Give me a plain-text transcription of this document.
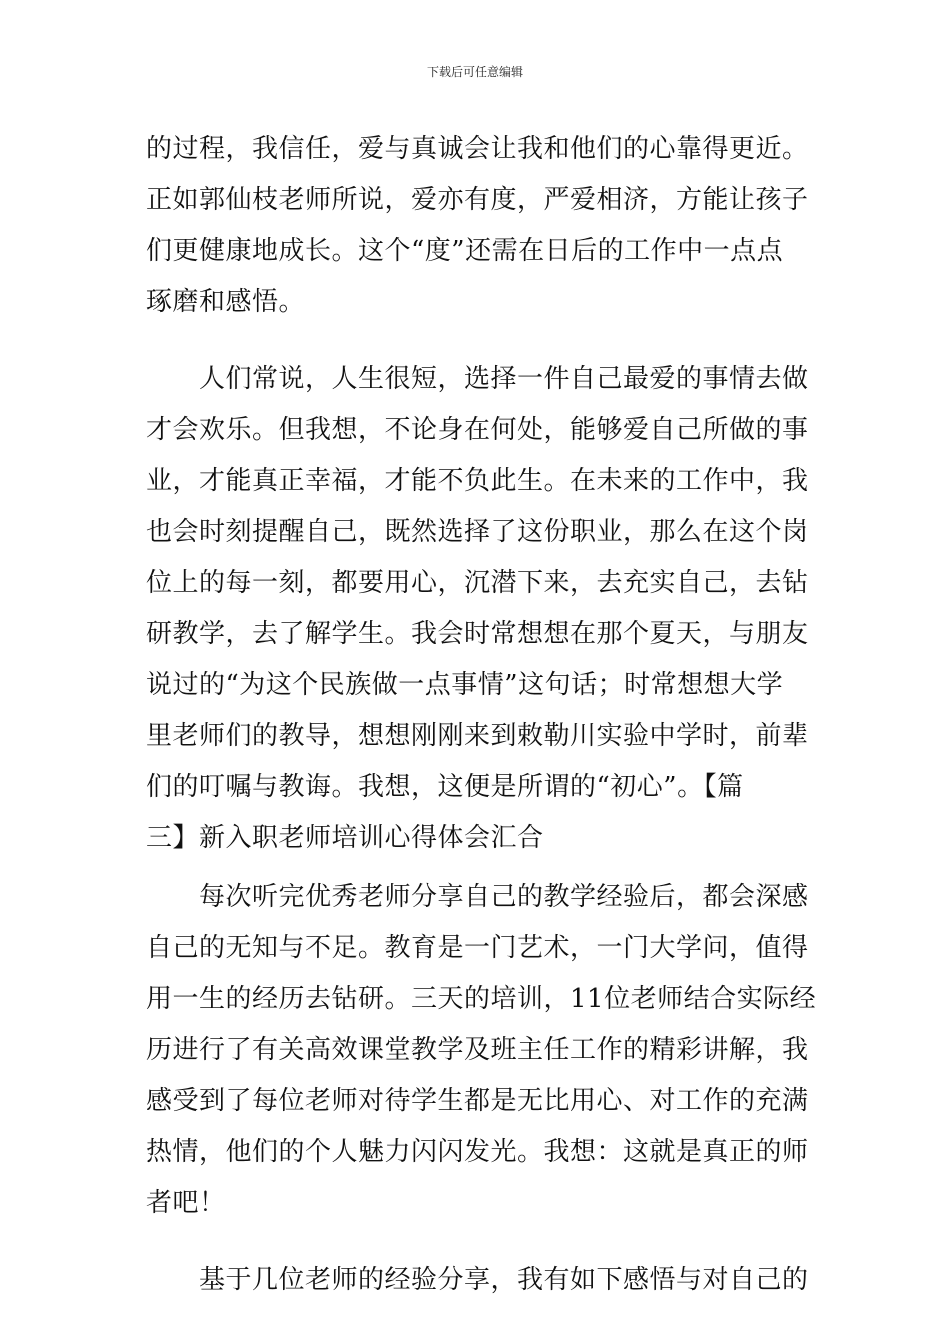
下载后可任意编辑
的过程，我信任，爱与真诚会让我和他们的心靠得更近。
正如郭仙枝老师所说，爱亦有度，严爱相济，方能让孩子
们更健康地成长。这个“度”还需在日后的工作中一点点
琢磨和感悟。
　　人们常说，人生很短，选择一件自己最爱的事情去做
才会欢乐。但我想，不论身在何处，能够爱自己所做的事
业，才能真正幸福，才能不负此生。在未来的工作中，我
也会时刻提醒自己，既然选择了这份职业，那么在这个岗
位上的每一刻，都要用心，沉潜下来，去充实自己，去钻
研教学，去了解学生。我会时常想想在那个夏天，与朋友
说过的“为这个民族做一点事情”这句话；时常想想大学
里老师们的教导，想想刚刚来到敕勒川实验中学时，前辈
们的叮嘱与教诲。我想，这便是所谓的“初心”。【篇
三】新入职老师培训心得体会汇合
　　每次听完优秀老师分享自己的教学经验后，都会深感
自己的无知与不足。教育是一门艺术，一门大学问，值得
用一生的经历去钻研。三天的培训，11位老师结合实际经
历进行了有关高效课堂教学及班主任工作的精彩讲解，我
感受到了每位老师对待学生都是无比用心、对工作的充满
热情，他们的个人魅力闪闪发光。我想：这就是真正的师
者吧！
　　基于几位老师的经验分享，我有如下感悟与对自己的
